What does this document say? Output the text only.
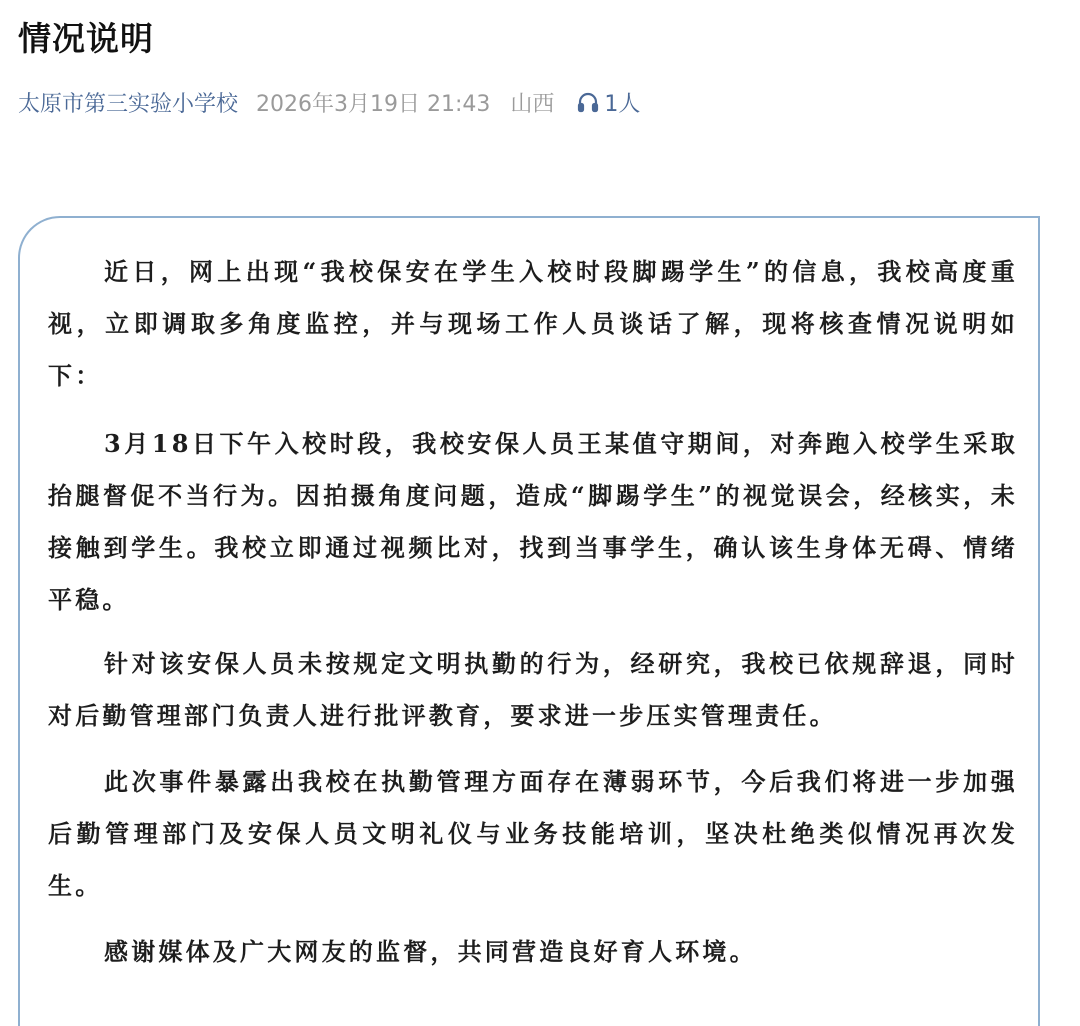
情况说明
太原市第三实验小学校 2026年3月19日 21:43 山西 1人

近日，网上出现“我校保安在学生入校时段脚踢学生”的信息，我校高度重视，立即调取多角度监控，并与现场工作人员谈话了解，现将核查情况说明如下：

3月18日下午入校时段，我校安保人员王某值守期间，对奔跑入校学生采取抬腿督促不当行为。因拍摄角度问题，造成“脚踢学生”的视觉误会，经核实，未接触到学生。我校立即通过视频比对，找到当事学生，确认该生身体无碍、情绪平稳。

针对该安保人员未按规定文明执勤的行为，经研究，我校已依规辞退，同时对后勤管理部门负责人进行批评教育，要求进一步压实管理责任。

此次事件暴露出我校在执勤管理方面存在薄弱环节，今后我们将进一步加强后勤管理部门及安保人员文明礼仪与业务技能培训，坚决杜绝类似情况再次发生。

感谢媒体及广大网友的监督，共同营造良好育人环境。
